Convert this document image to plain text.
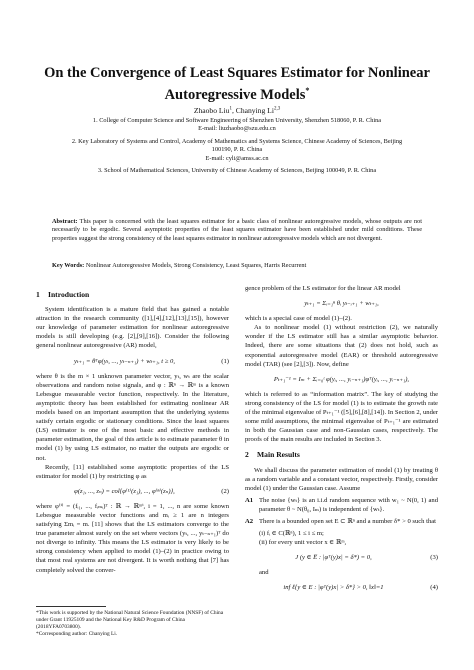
On the Convergence of Least Squares Estimator for Nonlinear
Autoregressive Models*
Zhaobo Liu$^1$, Chanying Li$^{2,3}$
1. College of Computer Science and Software Engineering of Shenzhen University, Shenzhen 518060, P. R. China
E-mail: liuzhaobo@szu.edu.cn
2. Key Laboratory of Systems and Control, Academy of Mathematics and Systems Science, Chinese Academy of Sciences, Beijing
100190, P. R. China
E-mail: cyli@amss.ac.cn
3. School of Mathematical Sciences, University of Chinese Academy of Sciences, Beijing 100049, P. R. China
Abstract: This paper is concerned with the least squares estimator for a basic class of nonlinear autoregressive models, whose outputs are not necessarily to be ergodic. Several asymptotic properties of the least squares estimator have been established under mild conditions. These properties suggest the strong consistency of the least squares estimator in nonlinear autoregressive models which are not divergent.
Key Words: Nonlinear Autoregressive Models, Strong Consistency, Least Squares, Harris Recurrent
1 Introduction

System identification is a mature field that has gained a notable attraction in the research community ([1],[4],[12],[13],[15]), however our knowledge of parameter estimation for nonlinear autoregressive models is still developing (e.g. [2],[9],[16]). Consider the following general nonlinear autoregressive (AR) model,

yₜ₊₁ = θᵀφ(yₜ, ..., yₜ₋ₙ₊₁) + wₜ₊₁, t ≥ 0,	(1)

where θ is the m × 1 unknown parameter vector, yₜ, wₜ are the scalar observations and random noise signals, and φ : ℝⁿ → ℝᵐ is a known Lebesgue measurable vector function, respectively. In the literature, asymptotic theory has been established for estimating nonlinear AR models based on an important assumption that the underlying systems satisfy certain ergodic or stationary conditions. Since the least squares (LS) estimator is one of the most basic and effective methods in parameter estimation, the goal of this article is to estimate parameter θ in model (1) by using LS estimator, no matter the outputs are ergodic or not.

Recently, [11] established some asymptotic properties of the LS estimator for model (1) by restricting φ as

φ(z₁, ..., zₙ) = col{φ⁽¹⁾(z₁), ..., φ⁽ⁿ⁾(zₙ)},	(2)

where φ⁽ⁱ⁾ = (fᵢ₁, ..., fᵢₘᵢ)ᵀ : ℝ → ℝᵐⁱ, i = 1, ..., n are some known Lebesgue measurable vector functions and mᵢ ≥ 1 are n integers satisfying Σmᵢ = m. [11] shows that the LS estimators converge to the true parameter almost surely on the set where vectors (yₜ, ..., yₜ₋ₙ₊₁)ᵀ do not diverge to infinity. This means the LS estimator is very likely to be strong consistency when applied to model (1)–(2) in practice owing to that most real systems are not divergent. It is worth nothing that [7] has completely solved the conver-

gence problem of the LS estimator for the linear AR model

yₜ₊₁ = Σᵢ₌₁ⁿ θᵢ yₜ₋ᵢ₊₁ + wₜ₊₁,

which is a special case of model (1)–(2).

As to nonlinear model (1) without restriction (2), we naturally wonder if the LS estimator still has a similar asymptotic behavior. Indeed, there are some situations that (2) does not hold, such as exponential autoregressive model (EAR) or threshold autoregressive model (TAR) (see [2],[3]). Now, define

Pₜ₊₁⁻¹ = Iₘ + Σᵢ₌₀ᵗ φ(yᵢ, ..., yᵢ₋ₙ₊₁)φᵀ(yᵢ, ..., yᵢ₋ₙ₊₁),

which is referred to as “information matrix”. The key of studying the strong consistency of the LS for model (1) is to estimate the growth rate of the minimal eigenvalue of Pₜ₊₁⁻¹ ([5],[6],[8],[14]). In Section 2, under some mild assumptions, the minimal eigenvalue of Pₜ₊₁⁻¹ are estimated in both the Gaussian case and non-Gaussian cases, respectively. The proofs of the main results are included in Section 3.

2 Main Results

We shall discuss the parameter estimation of model (1) by treating θ as a random variable and a constant vector, respectively. Firstly, consider model (1) under the Gaussian case. Assume

A1 The noise {wₜ} is an i.i.d random sequence with w₁ ~ N(0, 1) and parameter θ ~ N(θ₀, Iₘ) is independent of {wₜ}.
A2 There is a bounded open set E ⊂ ℝⁿ and a number δ* > 0 such that
(i) fᵢ ∈ C(ℝⁿ), 1 ≤ i ≤ m;
(ii) for every unit vector x ∈ ℝᵐ,
J (y ∈ E̅ : |φᵀ(y)x| = δ*) = 0,	(3)
and
inf ℓ{y ∈ E : |φᵀ(y)x| > δ*} > 0, ‖x‖=1	(4)
*This work is supported by the National Natural Science Foundation (NNSF) of China under Grant 11925109 and the National Key R&D Program of China (2018YFA0703800).
*Corresponding author: Chanying Li.
